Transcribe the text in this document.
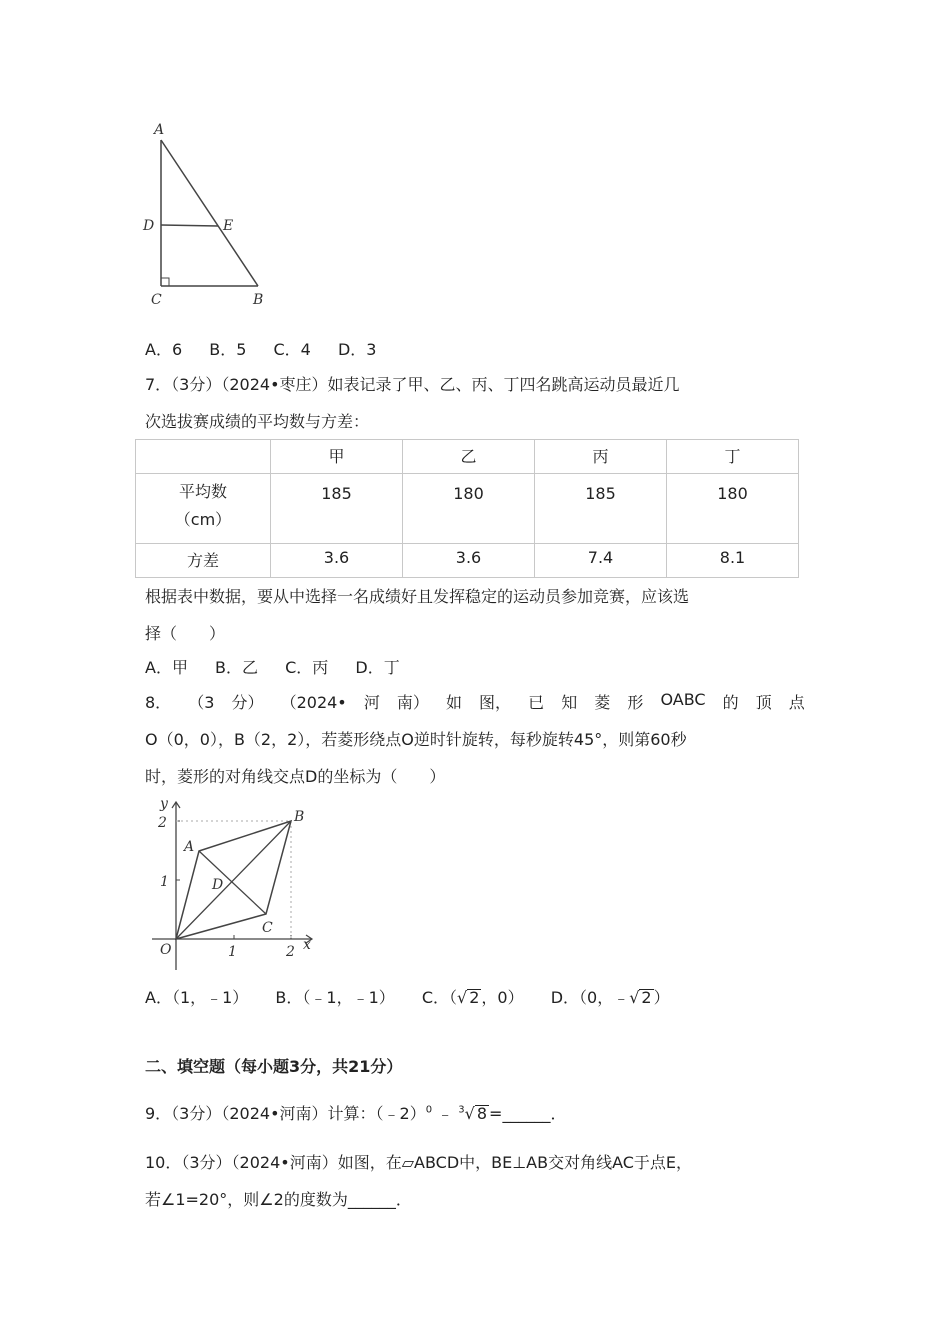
A
D	E
C	B
A．6 B．5 C．4 D．3
7．（3分）（2024•枣庄）如表记录了甲、乙、丙、丁四名跳高运动员最近几
次选拔赛成绩的平均数与方差：
	甲	乙	丙	丁

平均数
（cm）	185	180	185	180
方差	3.6	3.6	7.4	8.1
根据表中数据，要从中选择一名成绩好且发挥稳定的运动员参加竞赛，应该选
择（　　）
A．甲 B．乙 C．丙 D．丁
8． （3 分） （2024• 河 南） 如 图， 已 知 菱 形 OABC 的 顶 点
O（0，0），B（2，2），若菱形绕点O逆时针旋转，每秒旋转45°，则第60秒
时，菱形的对角线交点D的坐标为（　　）
y
2
1
A
B
D
C
O	1	2 x
A．（1，﹣1） B．（﹣1，﹣1） C．（√ 2 ，0） D．（0，﹣√ 2 ）
二、填空题（每小题3分，共21分）
9．（3分）（2024•河南）计算：（﹣2）$^0$ ﹣ $^3$√ 8 =______．
10．（3分）（2024•河南）如图，在▱ABCD中，BE⊥AB交对角线AC于点E，
若∠1=20°，则∠2的度数为______．
